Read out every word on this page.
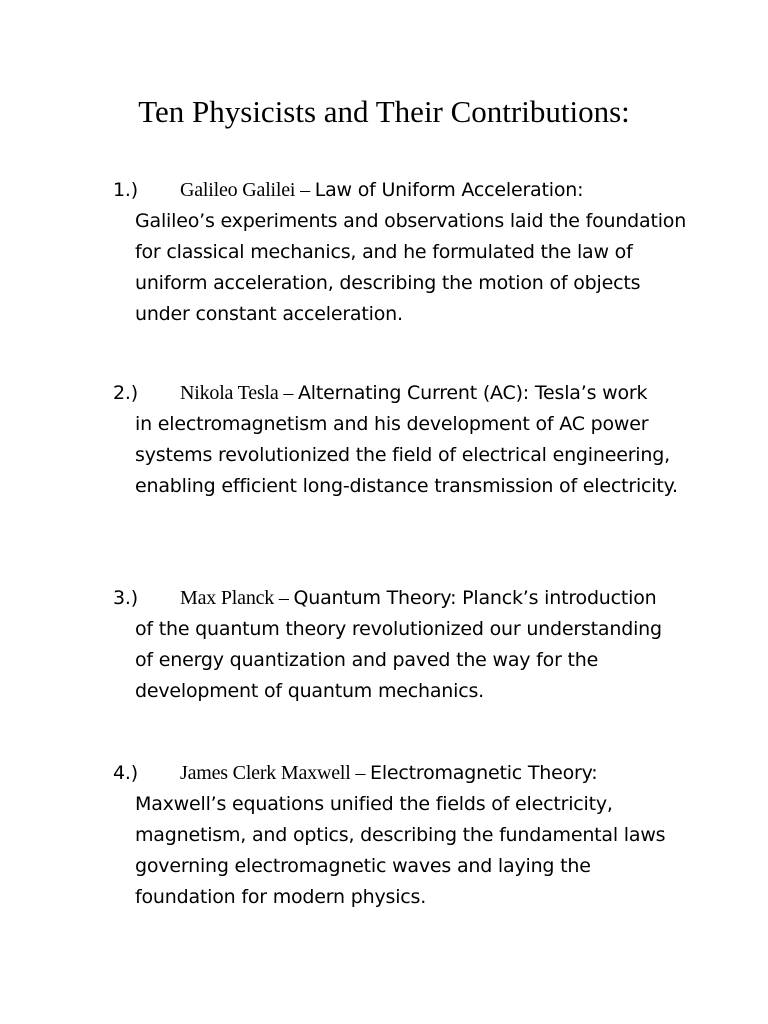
Ten Physicists and Their Contributions:
1.) Galileo Galilei – Law of Uniform Acceleration:
Galileo’s experiments and observations laid the foundation
for classical mechanics, and he formulated the law of
uniform acceleration, describing the motion of objects
under constant acceleration.
2.) Nikola Tesla – Alternating Current (AC): Tesla’s work
in electromagnetism and his development of AC power
systems revolutionized the field of electrical engineering,
enabling efficient long-distance transmission of electricity.
3.) Max Planck – Quantum Theory: Planck’s introduction
of the quantum theory revolutionized our understanding
of energy quantization and paved the way for the
development of quantum mechanics.
4.) James Clerk Maxwell – Electromagnetic Theory:
Maxwell’s equations unified the fields of electricity,
magnetism, and optics, describing the fundamental laws
governing electromagnetic waves and laying the
foundation for modern physics.
